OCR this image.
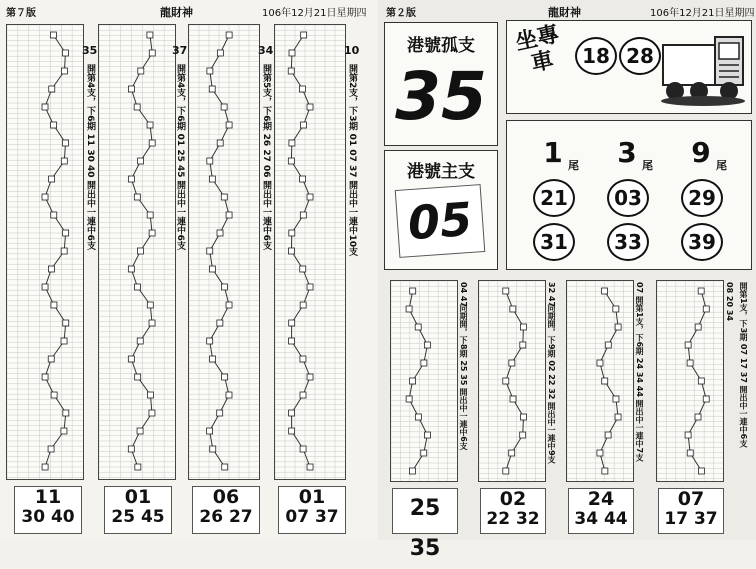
第７版	龍財神	106年12月21日星期四
35
開第4支，下6期 11 30 40 開出中一連中6支
11
30 40
37
開第4支，下6期 01 25 45 開出中一連中6支
01
25 45
34
開第5支，下6期 26 27 06 開出中一連中6支
06
26 27
10
開第2支，下3期 01 07 37 開出中一連中10支
01
07 37
第２版	龍財神	106年12月21日星期四
港號孤支
35
港號主支
05
坐專車	18 28
1 尾	3 尾	9 尾
21	03	29
31	33	39
04 47
同期開，下8期 25 35 開出中一連中6支
25 35
32 47
同期開，下9期 02 22 32 開出中一連中9支
02
22 32
07
開第1支，下6期 24 34 44 開出中一連中7支
24
34 44
08 20 34 開第1支，下3期 07 17 37 開出中一連中6支
07
17 37
